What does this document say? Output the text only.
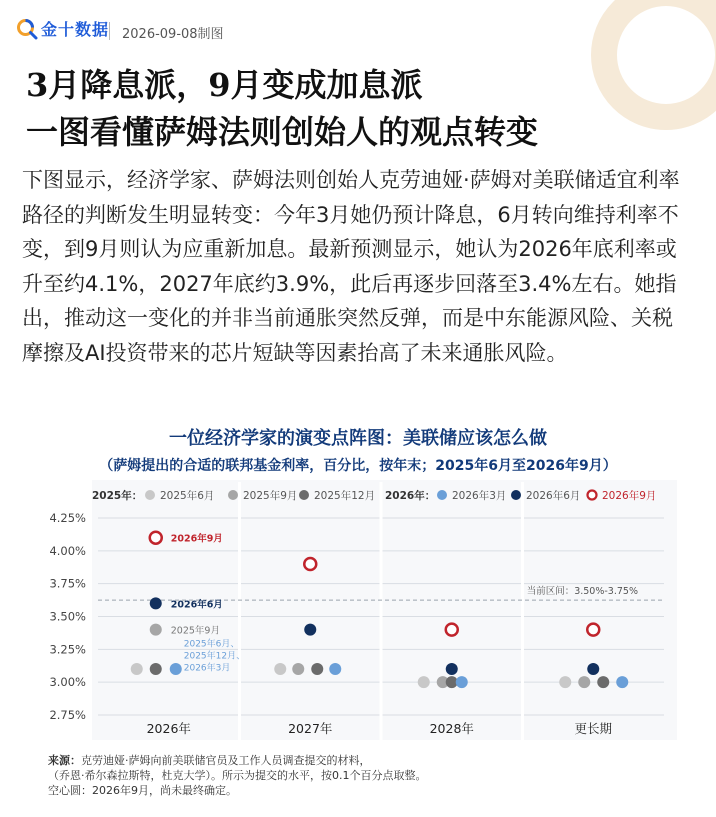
金十数据 2026-09-08制图
3月降息派，9月变成加息派
一图看懂萨姆法则创始人的观点转变

下图显示，经济学家、萨姆法则创始人克劳迪娅·萨姆对美联储适宜利率路径的判断发生明显转变：今年3月她仍预计降息，6月转向维持利率不变，到9月则认为应重新加息。最新预测显示，她认为2026年底利率或升至约4.1%，2027年底约3.9%，此后再逐步回落至3.4%左右。她指出，推动这一变化的并非当前通胀突然反弹，而是中东能源风险、关税摩擦及AI投资带来的芯片短缺等因素抬高了未来通胀风险。

一位经济学家的演变点阵图：美联储应该怎么做
（萨姆提出的合适的联邦基金利率，百分比，按年末；2025年6月至2026年9月）
2025年： 2025年6月	2025年9月 2025年12月 2026年： 2026年3月 2026年6月 2026年9月
2.75%
3.00%
3.25%
3.50%
3.75%
4.00%
4.25%
当前区间：3.50%-3.75%
2026年	2027年	2028年	更长期
2026年9月
2026年6月
2025年9月
2025年6月、
2025年12月、
2026年3月
来源：克劳迪娅·萨姆向前美联储官员及工作人员调查提交的材料，
（乔恩·希尔森拉斯特，杜克大学）。所示为提交的水平，按0.1个百分点取整。
空心圆：2026年9月，尚未最终确定。
